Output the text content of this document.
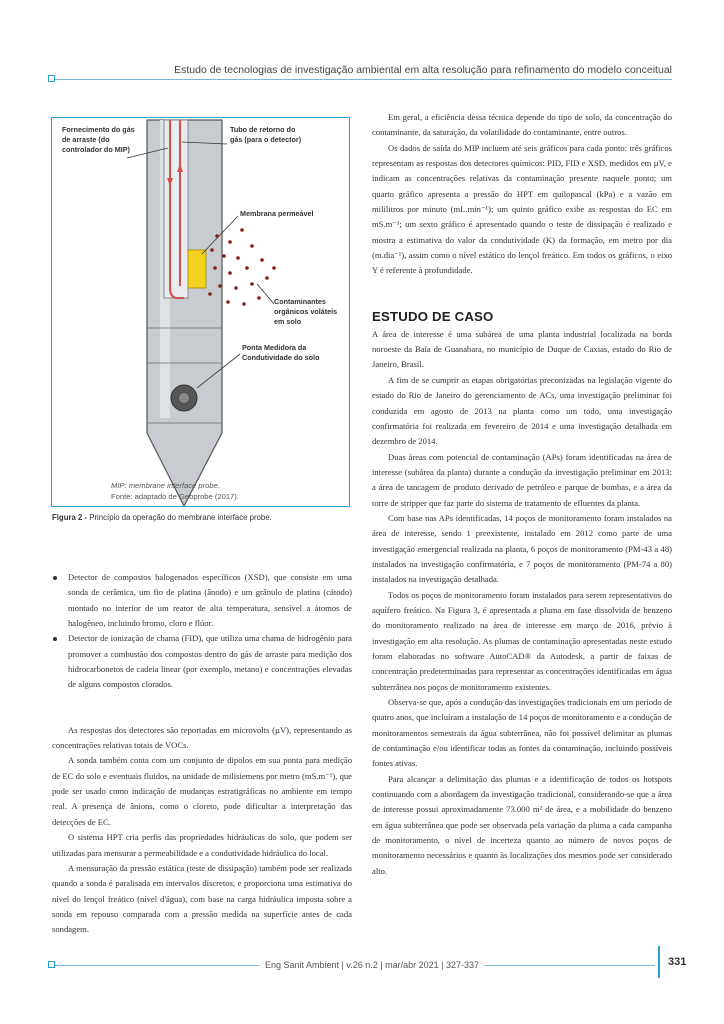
Estudo de tecnologias de investigação ambiental em alta resolução para refinamento do modelo conceitual
Fornecimento do gás de arraste (do controlador do MIP)
Tubo de retorno do gás (para o detector)
Membrana permeável
Contaminantes orgânicos voláteis em solo
Ponta Medidora da Condutividade do solo
MIP: membrane interface probe.
Fonte: adaptado de Geoprobe (2017).
Figura 2 - Princípio da operação do membrane interface probe.
Detector de compostos halogenados específicos (XSD), que consiste em uma sonda de cerâmica, um fio de platina (ânodo) e um grânulo de platina (cátodo) montado no interior de um reator de alta temperatura, sensível a átomos de halogêneo, incluindo bromo, cloro e flúor.
Detector de ionização de chama (FID), que utiliza uma chama de hidrogênio para promover a combustão dos compostos dentro do gás de arraste para medição dos hidrocarbonetos de cadeia linear (por exemplo, metano) e concentrações elevadas de alguns compostos clorados.

As respostas dos detectores são reportadas em microvolts (µV), representando as concentrações relativas totais de VOCs.

A sonda também conta com um conjunto de dipolos em sua ponta para medição de EC do solo e eventuais fluidos, na unidade de milisiemens por metro (mS.m⁻¹), que pode ser usado como indicação de mudanças estratigráficas no ambiente em tempo real. A presença de ânions, como o cloreto, pode dificultar a interpretação das detecções de EC.

O sistema HPT cria perfis das propriedades hidráulicas do solo, que podem ser utilizadas para mensurar a permeabilidade e a condutividade hidráulica do local.

A mensuração da pressão estática (teste de dissipação) também pode ser realizada quando a sonda é paralisada em intervalos discretos, e proporciona uma estimativa do nível do lençol freático (nível d'água), com base na carga hidráulica imposta sobre a sonda em repouso comparada com a pressão medida na superfície antes de cada sondagem.

Em geral, a eficiência dessa técnica depende do tipo de solo, da concentração do contaminante, da saturação, da volatilidade do contaminante, entre outros.

Os dados de saída do MIP incluem até seis gráficos para cada ponto: três gráficos representam as respostas dos detectores químicos: PID, FID e XSD, medidos em µV, e indicam as concentrações relativas da contaminação presente naquele ponto; um quarto gráfico apresenta a pressão do HPT em quilopascal (kPa) e a vazão em mililitros por minuto (mL.min⁻¹); um quinto gráfico exibe as respostas do EC em mS.m⁻¹; um sexto gráfico é apresentado quando o teste de dissipação é realizado e mostra a estimativa do valor da condutividade (K) da formação, em metro por dia (m.dia⁻¹), assim como o nível estático do lençol freático. Em todos os gráficos, o eixo Y é referente à profundidade.

ESTUDO DE CASO

A área de interesse é uma subárea de uma planta industrial localizada na borda noroeste da Baía de Guanabara, no município de Duque de Caxias, estado do Rio de Janeiro, Brasil.

A fim de se cumprir as etapas obrigatórias preconizadas na legislação vigente do estado do Rio de Janeiro do gerenciamento de ACs, uma investigação preliminar foi conduzida em agosto de 2013 na planta como um todo, uma investigação confirmatória foi realizada em fevereiro de 2014 e uma investigação detalhada em dezembro de 2014.

Duas áreas com potencial de contaminação (APs) foram identificadas na área de interesse (subárea da planta) durante a condução da investigação preliminar em 2013: a área de tancagem de produto derivado de petróleo e parque de bombas, e a área da torre de stripper que faz parte do sistema de tratamento de efluentes da planta.

Com base nas APs identificadas, 14 poços de monitoramento foram instalados na área de interesse, sendo 1 preexistente, instalado em 2012 como parte de uma investigação emergencial realizada na planta, 6 poços de monitoramento (PM-43 a 48) instalados na investigação confirmatória, e 7 poços de monitoramento (PM-74 a 80) instalados na investigação detalhada.

Todos os poços de monitoramento foram instalados para serem representativos do aquífero freático. Na Figura 3, é apresentada a pluma em fase dissolvida de benzeno do monitoramento realizado na área de interesse em março de 2016, prévio à investigação em alta resolução. As plumas de contaminação apresentadas neste estudo foram elaboradas no software AutoCAD® da Autodesk, a partir de faixas de concentração predeterminadas para representar as concentrações identificadas em água subterrânea nos poços de monitoramento existentes.

Observa-se que, após a condução das investigações tradicionais em um período de quatro anos, que incluíram a instalação de 14 poços de monitoramento e a condução de monitoramentos semestrais da água subterrânea, não foi possível delimitar as plumas de contaminação e/ou identificar todas as fontes da contaminação, incluindo possíveis fontes ativas.

Para alcançar a delimitação das plumas e a identificação de todos os hotspots continuando com a abordagem da investigação tradicional, considerando-se que a área de interesse possui aproximadamente 73.000 m² de área, e a mobilidade do benzeno em água subterrânea que pode ser observada pela variação da pluma a cada campanha de monitoramento, o nível de incerteza quanto ao número de novos poços de monitoramento necessários e quanto às localizações dos mesmos pode ser considerado alto.

Eng Sanit Ambient | v.26 n.2 | mar/abr 2021 | 327-337	331
